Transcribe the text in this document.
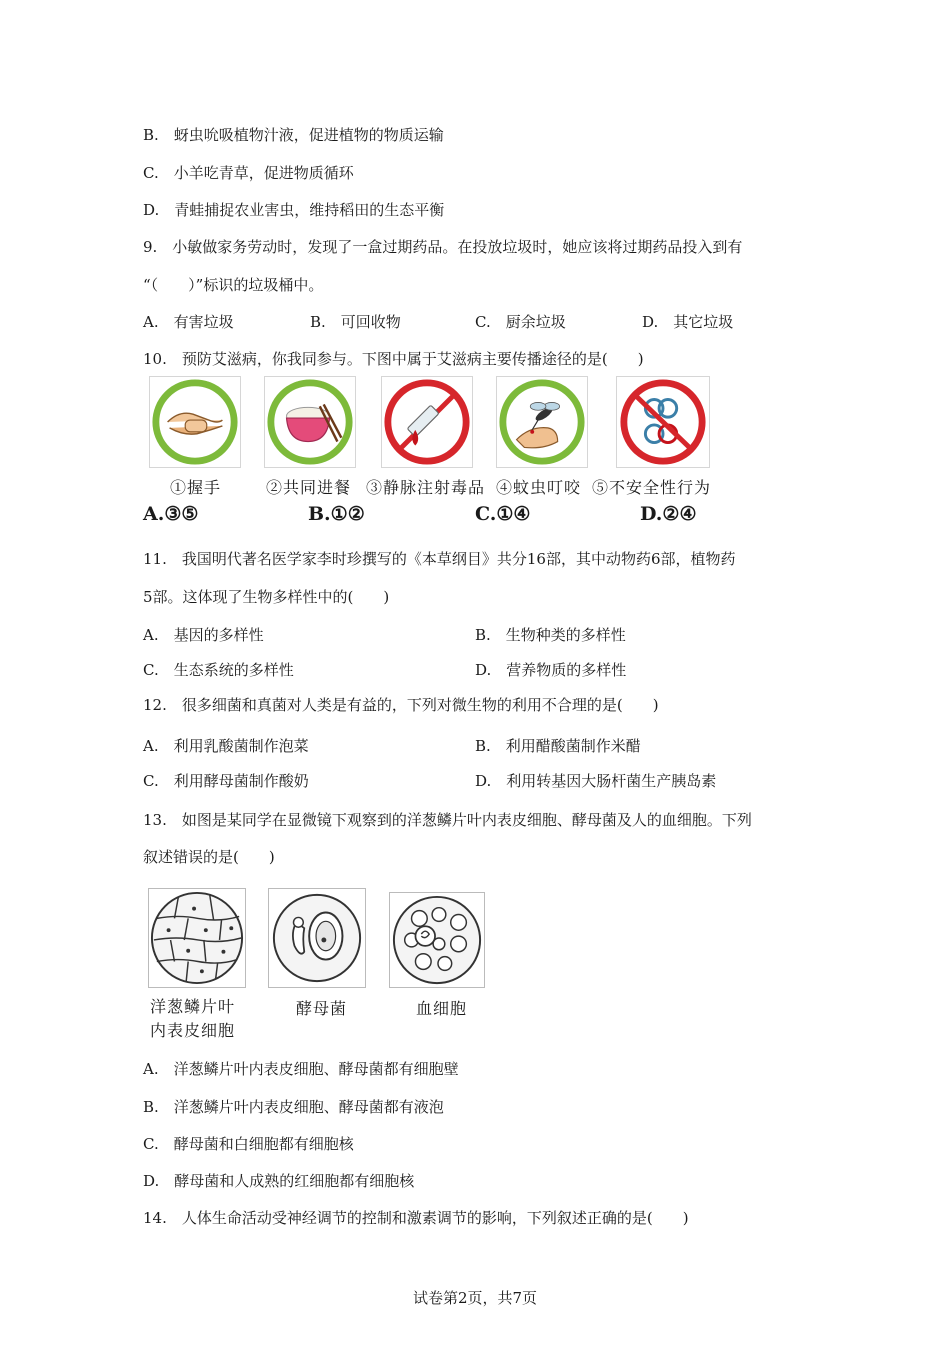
B.　蚜虫吮吸植物汁液，促进植物的物质运输
C.　小羊吃青草，促进物质循环
D.　青蛙捕捉农业害虫，维持稻田的生态平衡
9.　小敏做家务劳动时，发现了一盒过期药品。在投放垃圾时，她应该将过期药品投入到有
“（　　）”标识的垃圾桶中。
A.　有害垃圾	B.　可回收物	C.　厨余垃圾	D.　其它垃圾
10.　预防艾滋病，你我同参与。下图中属于艾滋病主要传播途径的是(　　)
①握手	②共同进餐 ③静脉注射毒品 ④蚊虫叮咬 ⑤不安全性行为
A.③⑤	B.①②	C.①④	D.②④
11.　我国明代著名医学家李时珍撰写的《本草纲目》共分16部，其中动物药6部，植物药
5部。这体现了生物多样性中的(　　)
A.　基因的多样性	B.　生物种类的多样性
C.　生态系统的多样性	D.　营养物质的多样性
12.　很多细菌和真菌对人类是有益的，下列对微生物的利用不合理的是(　　)
A.　利用乳酸菌制作泡菜	B.　利用醋酸菌制作米醋
C.　利用酵母菌制作酸奶	D.　利用转基因大肠杆菌生产胰岛素
13.　如图是某同学在显微镜下观察到的洋葱鳞片叶内表皮细胞、酵母菌及人的血细胞。下列
叙述错误的是(　　)
洋葱鳞片叶
内表皮细胞
酵母菌	血细胞
A.　洋葱鳞片叶内表皮细胞、酵母菌都有细胞壁
B.　洋葱鳞片叶内表皮细胞、酵母菌都有液泡
C.　酵母菌和白细胞都有细胞核
D.　酵母菌和人成熟的红细胞都有细胞核
14.　人体生命活动受神经调节的控制和激素调节的影响，下列叙述正确的是(　　)
试卷第2页，共7页
